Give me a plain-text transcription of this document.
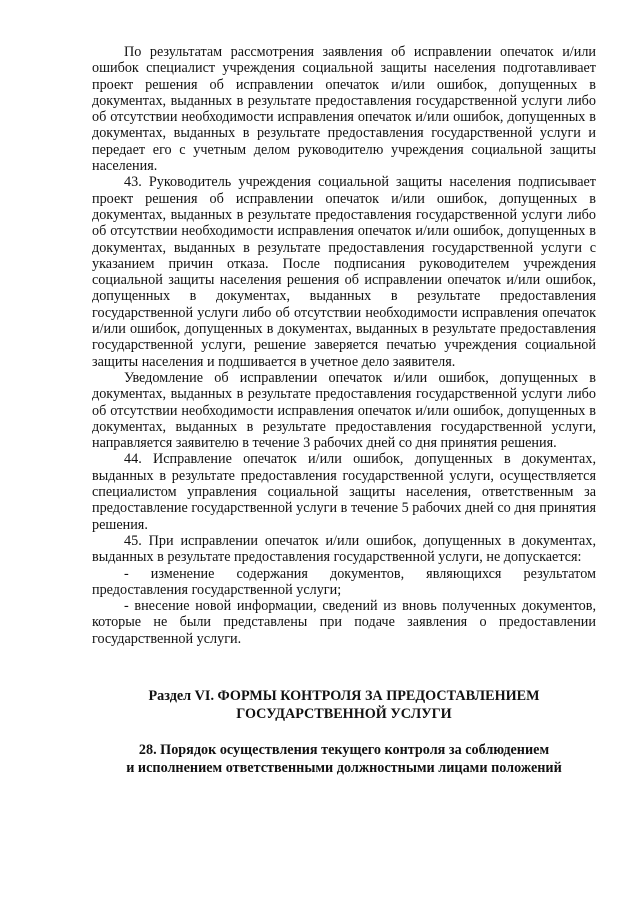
По результатам рассмотрения заявления об исправлении опечаток и/или ошибок специалист учреждения социальной защиты населения подготавливает проект решения об исправлении опечаток и/или ошибок, допущенных в документах, выданных в результате предоставления государственной услуги либо об отсутствии необходимости исправления опечаток и/или ошибок, допущенных в документах, выданных в результате предоставления государственной услуги и передает его с учетным делом руководителю учреждения социальной защиты населения.

43. Руководитель учреждения социальной защиты населения подписывает проект решения об исправлении опечаток и/или ошибок, допущенных в документах, выданных в результате предоставления государственной услуги либо об отсутствии необходимости исправления опечаток и/или ошибок, допущенных в документах, выданных в результате предоставления государственной услуги с указанием причин отказа. После подписания руководителем учреждения социальной защиты населения решения об исправлении опечаток и/или ошибок, допущенных в документах, выданных в результате предоставления государственной услуги либо об отсутствии необходимости исправления опечаток и/или ошибок, допущенных в документах, выданных в результате предоставления государственной услуги, решение заверяется печатью учреждения социальной защиты населения и подшивается в учетное дело заявителя.

Уведомление об исправлении опечаток и/или ошибок, допущенных в документах, выданных в результате предоставления государственной услуги либо об отсутствии необходимости исправления опечаток и/или ошибок, допущенных в документах, выданных в результате предоставления государственной услуги, направляется заявителю в течение 3 рабочих дней со дня принятия решения.

44. Исправление опечаток и/или ошибок, допущенных в документах, выданных в результате предоставления государственной услуги, осуществляется специалистом управления социальной защиты населения, ответственным за предоставление государственной услуги в течение 5 рабочих дней со дня принятия решения.

45. При исправлении опечаток и/или ошибок, допущенных в документах, выданных в результате предоставления государственной услуги, не допускается:

- изменение содержания документов, являющихся результатом предоставления государственной услуги;

- внесение новой информации, сведений из вновь полученных документов, которые не были представлены при подаче заявления о предоставлении государственной услуги.

Раздел VI. ФОРМЫ КОНТРОЛЯ ЗА ПРЕДОСТАВЛЕНИЕМ
ГОСУДАРСТВЕННОЙ УСЛУГИ
28. Порядок осуществления текущего контроля за соблюдением
и исполнением ответственными должностными лицами положений
